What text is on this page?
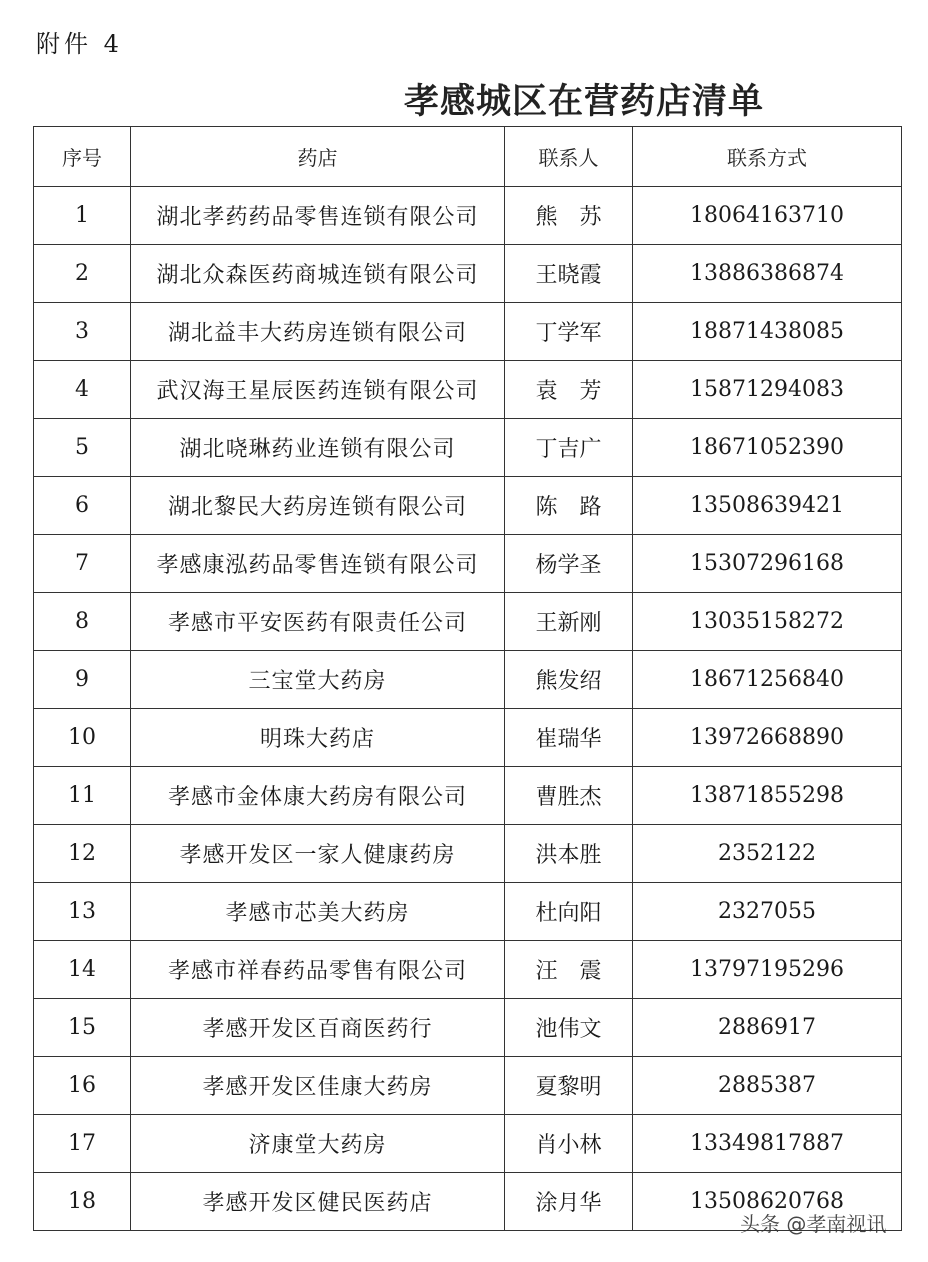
附件 4
孝感城区在营药店清单
序号	药店	联系人	联系方式
1	湖北孝药药品零售连锁有限公司	熊　苏	18064163710
2	湖北众森医药商城连锁有限公司	王晓霞	13886386874
3	湖北益丰大药房连锁有限公司	丁学军	18871438085
4	武汉海王星辰医药连锁有限公司	袁　芳	15871294083
5	湖北哓琳药业连锁有限公司	丁吉广	18671052390
6	湖北黎民大药房连锁有限公司	陈　路	13508639421
7	孝感康泓药品零售连锁有限公司	杨学圣	15307296168
8	孝感市平安医药有限责任公司	王新刚	13035158272
9	三宝堂大药房	熊发绍	18671256840
10	明珠大药店	崔瑞华	13972668890
11	孝感市金体康大药房有限公司	曹胜杰	13871855298
12	孝感开发区一家人健康药房	洪本胜	2352122
13	孝感市芯美大药房	杜向阳	2327055
14	孝感市祥春药品零售有限公司	汪　震	13797195296
15	孝感开发区百商医药行	池伟文	2886917
16	孝感开发区佳康大药房	夏黎明	2885387
17	济康堂大药房	肖小林	13349817887
18	孝感开发区健民医药店	涂月华	13508620768
头条 @孝南视讯
